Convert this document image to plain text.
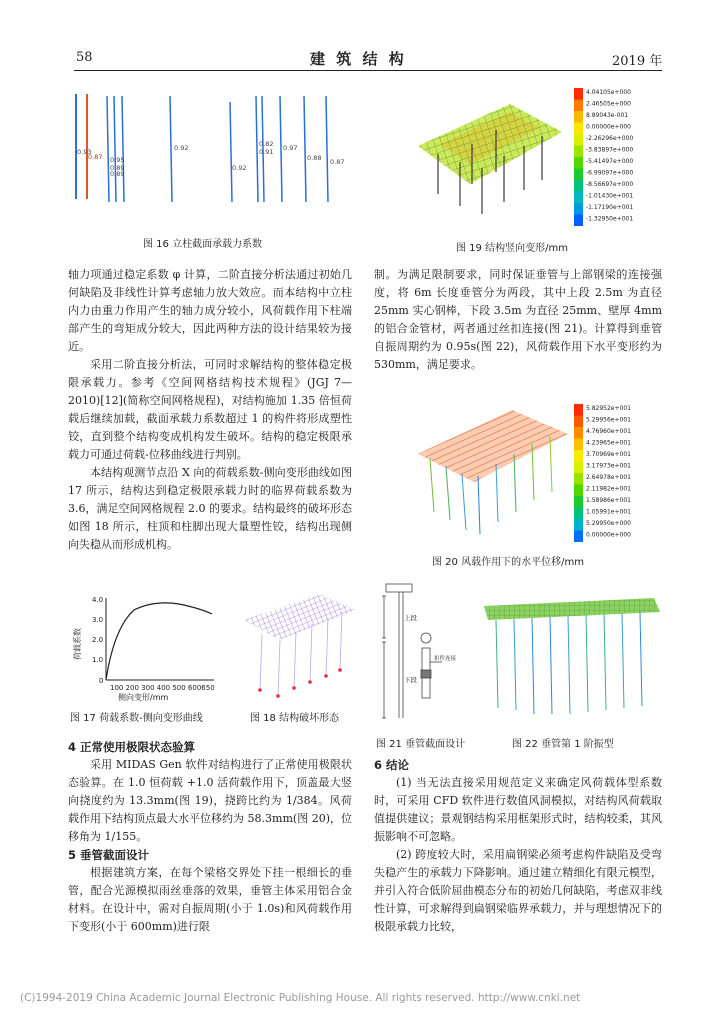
58	建 筑 结 构	2019 年
0.93
0.87 0.95
0.89
0.89
0.92	0.82
0.91 0.97
0.92
0.88 0.87
图 16 立柱截面承载力系数
4.04105e+000
2.46505e+000
8.89043e-001
0.00000e+000
-2.26296e+000
-3.83897e+000
-5.41497e+000
-6.99097e+000
-8.56697e+000
-1.01430e+001
-1.17190e+001
-1.32950e+001
图 19 结构竖向变形/mm

轴力项通过稳定系数 φ 计算，二阶直接分析法通过初始几何缺陷及非线性计算考虑轴力放大效应。而本结构中立柱内力由重力作用产生的轴力成分较小，风荷载作用下柱端部产生的弯矩成分较大，因此两种方法的设计结果较为接近。

采用二阶直接分析法，可同时求解结构的整体稳定极限承载力。参考《空间网格结构技术规程》(JGJ 7—2010)[12](简称空间网格规程)，对结构施加 1.35 倍恒荷载后继续加载，截面承载力系数超过 1 的构件将形成塑性铰，直到整个结构变成机构发生破坏。结构的稳定极限承载力可通过荷载-位移曲线进行判别。

本结构观测节点沿 X 向的荷载系数-侧向变形曲线如图 17 所示，结构达到稳定极限承载力时的临界荷载系数为 3.6，满足空间网格规程 2.0 的要求。结构最终的破坏形态如图 18 所示，柱顶和柱脚出现大量塑性铰，结构出现侧向失稳从而形成机构。

4.0
3.0
2.0
1.0
0
100 200 300 400 500 600650
侧向变形/mm
荷载系数
图 17 荷载系数-侧向变形曲线	图 18 结构破坏形态
4 正常使用极限状态验算

采用 MIDAS Gen 软件对结构进行了正常使用极限状态验算。在 1.0 恒荷载 +1.0 活荷载作用下，顶盖最大竖向挠度约为 13.3mm(图 19)，挠跨比约为 1/384。风荷载作用下结构顶点最大水平位移约为 58.3mm(图 20)，位移角为 1/155。

5 垂管截面设计

根据建筑方案，在每个梁格交界处下挂一根细长的垂管，配合光源模拟雨丝垂落的效果，垂管主体采用铝合金材料。在设计中，需对自振周期(小于 1.0s)和风荷载作用下变形(小于 600mm)进行限

制。为满足限制要求，同时保证垂管与上部钢梁的连接强度，将 6m 长度垂管分为两段，其中上段 2.5m 为直径 25mm 实心钢棒，下段 3.5m 为直径 25mm、壁厚 4mm 的铝合金管材，两者通过丝扣连接(图 21)。计算得到垂管自振周期约为 0.95s(图 22)，风荷载作用下水平变形约为 530mm，满足要求。

5.82952e+001
5.29956e+001
4.76960e+001
4.23965e+001
3.70969e+001
3.17973e+001
2.64978e+001
2.11982e+001
1.58986e+001
1.05991e+001
5.29950e+000
0.00000e+000
图 20 风载作用下的水平位移/mm
上段
下段
扣件连接
图 21 垂管截面设计	图 22 垂管第 1 阶振型
6 结论

(1) 当无法直接采用规范定义来确定风荷载体型系数时，可采用 CFD 软件进行数值风洞模拟，对结构风荷载取值提供建议；景观钢结构采用框架形式时，结构较柔，其风振影响不可忽略。

(2) 跨度较大时，采用扁钢梁必须考虑构件缺陷及受弯失稳产生的承载力下降影响。通过建立精细化有限元模型，并引入符合低阶屈曲模态分布的初始几何缺陷，考虑双非线性计算，可求解得到扁钢梁临界承载力，并与理想情况下的极限承载力比较，

(C)1994-2019 China Academic Journal Electronic Publishing House. All rights reserved. http://www.cnki.net
